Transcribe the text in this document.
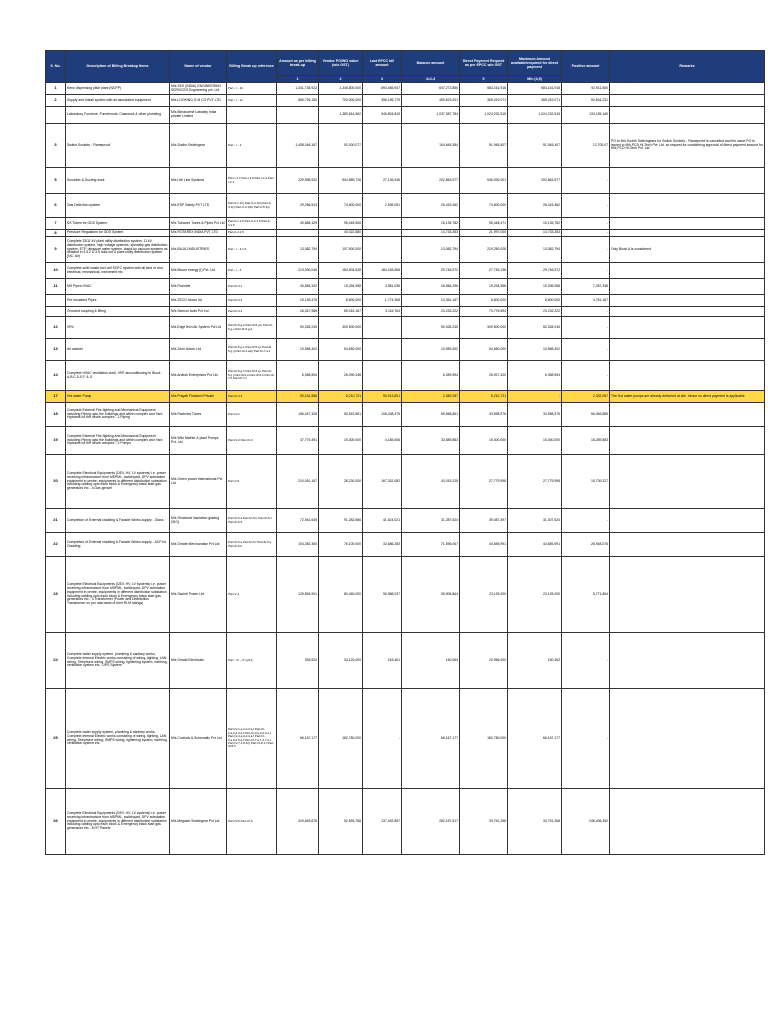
S. No.	Description of Billing Breakup Items	Name of vendor	Billing Break up reference	Amount as per billing break-up	Vendor PO/WO value (w/o GST)	Last EPCC bill amount	Balance amount	Direct Payment Request as per EPCC w/o GST	Maximum Amount available/required for direct payment	Positive amount	Remarks
				1	2	3	4=1-3	5	Min (4,5)		
1	Keno dispensing pillar plant (NCPP)	M/s SES (INDIA) ENGINEERING SERVICES Engineering pvt. Ltd.	Part - I - 1b	1,341,738,922	1,345,800,000	694,465,947	647,272,880	583,161,918	583,161,918	92,911,560	
2	Supply and Install system with all associated equipment	M/s LOOKING G M CO PVT LTD	Part - I - 1c	855,726,180	700,000,000	396,196,779	459,523,001	369,019,071	369,019,071	90,504,231	
	Laboratory Furniture, Fumehoods, Casework & other plumbing	M/s Bimasoene Labwaty India private Limited			1,389,814,562	345,804,819	1,037,387,784	1,024,232,515	1,024,232,515	133,155,169	
3	Switch Sockets - Flameproof	M/s Sudhir Switchgear	Part - I - 2	1,458,048,167	92,000,077		104,645,384	91,945,407	91,945,407	12,700,07	PO to M/s Sudhir Switchgears for Switch Sockets - Flameproof is cancelled and the same PO is issued to M/s PCD Hi-Tech Pvt. Ltd. so request for considering approval of direct payment amount for M/s PCD Hi-Tech Pvt. Ltd
5	Scrubber & Ducting work	M/s Life Line Systems	Part-I-1.7 Part-I-1.8 Part-I-1.9 Part-I-2.1	229,998,932	504,589,726	27,135,345	202,863,577	546,930,001	202,863,577	-	
6	Gas Detection system	M/s ESP Safety PVT LTD	Part-II-1.1(i) Part-II-2.1(ii) Part-II-3.1(i) Part-II-4.1(iii) Part-II-5.1(i)	29,256,513	74,600,000	2,935,051	26,415,462	74,600,000	26,415,462	-	
7	SS Tubes for ODS System	M/s Tubacex Tubes & Pipes Pvt Ltd	Part-II-1.1.5 Part-II-2.1.5 Part-II-3.1.5	49,868,129	95,445,506		15,135,782	95,448,471	15,135,782	-	
8	Pressure Regulators for ODS System	M/s ROTAREX INDIA PVT LTD	Part-II-4.1.5		40,022,880		14,733,353	21,997,000	14,733,353	-	
9	Complete 33/11 kV plant utility distribution system, 11 kV distribution system, high voltage systems, specialty gas distribution system, ETP, ultrapure water system, stand-by vacuum systems as detailed in 3.4.2 & 3.5 hold-out & plant utility distribution system (NC, Air)	M/s BAJAJ INDUSTRIES	Part - I - 3.1.5	13,082,794	107,500,000		13,082,794	219,250,028	13,082,794	-	Only Block A is considered
10	Complete solid waste fuel cell SOFC system with all kind of civil, electrical, mechanical, instrument etc	M/s Bloom energy (I) Pvt. Ltd	Part - I - 4	213,930,046	184,904,528	184,183,568	29,746,972	27,745,138	29,746,972	-	
11	MS Pipes HVAC	M/s Fluenble	Part-III-3.1	30,565,332	19,294,958	3,981,036	16,584,296	19,294,958	19,296,958	7,287,338	
	Pre Insulated Pipes	M/s ZECO Aircon ltd	Part-III-3.2	15,135,475	8,600,000	1,774,308	13,361,167	8,600,000	8,600,000	4,761,167	
	Grooved coupling & fitting	M/s Seecon tools Pvt Ltd	Part-III-3.3	26,347,986	69,016,167	3,115,764	23,232,222	73,776,594	23,232,222	-	
12	VRV	M/s EdgeTech Air System Pvt Ltd	Part-III-5.g.a Part-III-5.g.b Part-III-5.g.c Part-III-5.g.d	50,328,245	309,500,000		50,328,245	309,500,000	50,328,245	-	
13	Air washer	M/s Zeco Aircon Ltd	Part-III-5.g.e Part-III-5.g.f Part-III-5.g.g Part-III-4.a(ii) Part-III-7.a.ii	10,558,402	64,650,000		10,559,402	64,650,000	10,558,402	-	
14	Complete HVAC ventilation work, VRF airconditioning to Block A,B,C,D,E,F & G	M/s Ardesh Enterprises Pvt Ltd	Part-III-5.g.h Part-III-5.g.i Part-III-5.g.j Part-III-6.a Part-III-6.b Part-III-7.b Part-III-7.c	6,358,594	26,090,248		6,359,594	25,927,420	6,358,594	-	
17	Hot water Pump	M/s Prayati Flowtech Private	Part-III-3.4	90,151,888	5,210,721	90,013,801	2,382,087	5,210,721	-	2,332,087	The Hot water pumps are already delivered at site. hence no direct payment is applicable
18	Complete External Fire-fighting and Mechanical Equipment including Piping upto the buildings and within complex and Yard Hydrants for the whole complex - 1.Piping	M/s Ravindra Tubes	Part-IV-1	196,047,326	50,519,561	106,438,475	89,568,861	33,598,976	33,598,976	56,069,885	
19	Complete External Fire-fighting and Mechanical Equipment including Piping upto the buildings and within complex and Yard Hydrants for the whole complex - 2.Pumps	M/s Wilo Mather & plant Pumps Pvt. Ltd	Part-IV-2 Part-IV-3	37,775,491	15,300,000	4,185,608	33,589,883	15,300,000	15,300,000	18,289,883	
20	Complete Electrical Equipments (DEV, HV, LV systems) i.e. power receiving infrastructure from MSPML, switchyard, DPV substation equipment in centre, equipments in different distribution substation including cabling upto each block & Emergency black start gas generators etc - 4.Gas genset	M/s Green power international Pvt Ltd	Part-V-5	210,051,167	28,230,000	167,332,082	43,019,225	27,779,998	27,779,998	15,739,227	
21	Completion of External cladding & Facade Works-supply - Glass	M/s Structural Insulation glazing (SIG)	Part-III-5.a Part-III-5.b Part-III-5.c Part-III-5.d	72,941,645	91,282,566	41,624,021	31,287,624	39,087,497	31,307,624	-	
22	Completion of External cladding & Facade Works-supply - ACP for Cladding	M/s Omate Merchandise Pvt Ltd	Part-III-5.e Part-III-5.f Part-III-5.g Part-III-5.h	104,282,350	76,100,000	32,686,283	71,596,067	44,655,991	44,655,991	26,948,076	
23	Complete Electrical Equipments (DEV, HV, LV systems) i.e. power receiving infrastructure from MSPML, switchyard, DPV substation equipment in centre, equipments in different distribution substation including cabling upto each block & Emergency black start gas generators etc - 3.Transformer (Power and Distribution Transformer on pro rata basis of their RLM ratings)	M/s Sachdi Power Ltd	Part-V-4	125,894,901	80,460,000	96,988,037	28,906,864	23,125,000	23,125,000	5,771,864	
24	Complete water supply system, plumbing & sanitary works, Complete Internal Electric works consisting of wiring, lighting, LAN wiring, Telephone wiring, SMPS wiring, lightening system, earthing, ventilation system etc - UPS System	M/s Omabi Electricals	Part - IV - (7.1j,8.j)	393,524	34,120,000	243,461	150,063	20,956,000	150,363	-	
25	Complete water supply system, plumbing & sanitary works, Complete Internal Electric works consisting of wiring, lighting, LAN wiring, Telephone wiring, SMPS wiring, lightening system, earthing, ventilation system etc.	M/s Controls & Schematic Pvt Ltd	Part-IV-1.a,2.d,3.a,f Part-IV-2.a,2.d,3.a,f Part-IV-3.a,3.d,3.a,f Part-IV-4.a,4.d,4.a,f Part-IV-6.a,6.d,6.a,f Part-IV-7.a,7.d,7.a,f Part-IV-7.1,8.1(i) Part-IV-8.1,f Part-III-8.3	66,167,177	182,780,000	-	66,167,177	182,780,000	66,167,177	-	
26	Complete Electrical Equipments (DEV, HV, LV systems) i.e. power receiving infrastructure from MSPML, switchyard, DPV substation equipment in centre, equipments in different distribution substation including cabling upto each block & Emergency black start gas generators etc - 5.HT Panels	M/s Megasin Switchgear Pvt Ltd	Part-IV-5 Part-IV-6	419,649,678	52,593,768	137,492,857	282,157,617	33,751,268	33,751,268	248,406,352	
